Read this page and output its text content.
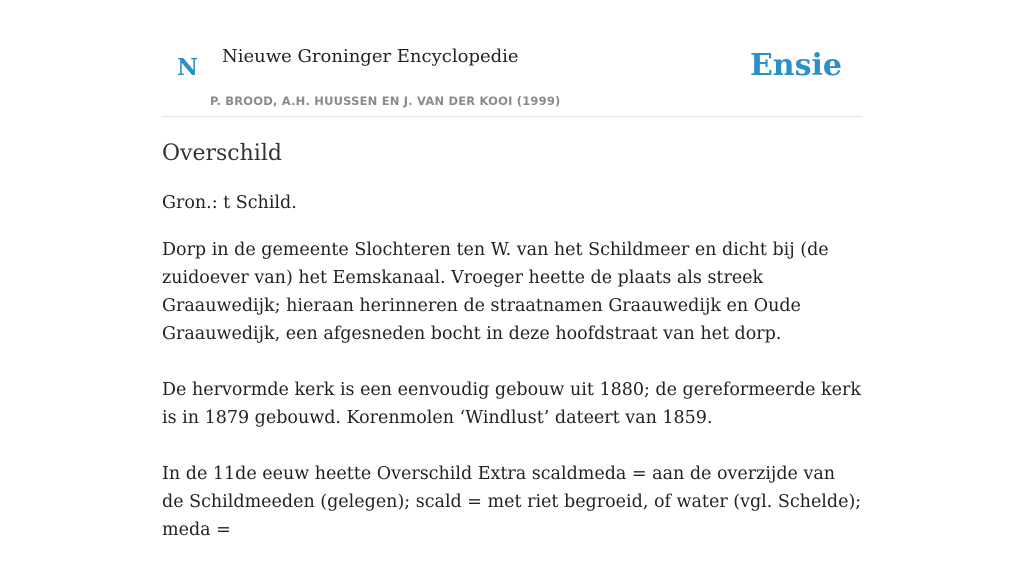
N Nieuwe Groninger Encyclopedie
P. BROOD, A.H. HUUSSEN EN J. VAN DER KOOI (1999)
Ensie
Overschild

Gron.: t Schild.

Dorp in de gemeente Slochteren ten W. van het Schildmeer en dicht bij (de zuidoever van) het Eemskanaal. Vroeger heette de plaats als streek Graauwedijk; hieraan herinneren de straatnamen Graauwedijk en Oude Graauwedijk, een afgesneden bocht in deze hoofdstraat van het dorp.

De hervormde kerk is een eenvoudig gebouw uit 1880; de gereformeerde kerk is in 1879 gebouwd. Korenmolen ‘Windlust’ dateert van 1859.

In de 11de eeuw heette Overschild Extra scaldmeda = aan de overzijde van de Schildmeeden (gelegen); scald = met riet begroeid, of water (vgl. Schelde); meda =
